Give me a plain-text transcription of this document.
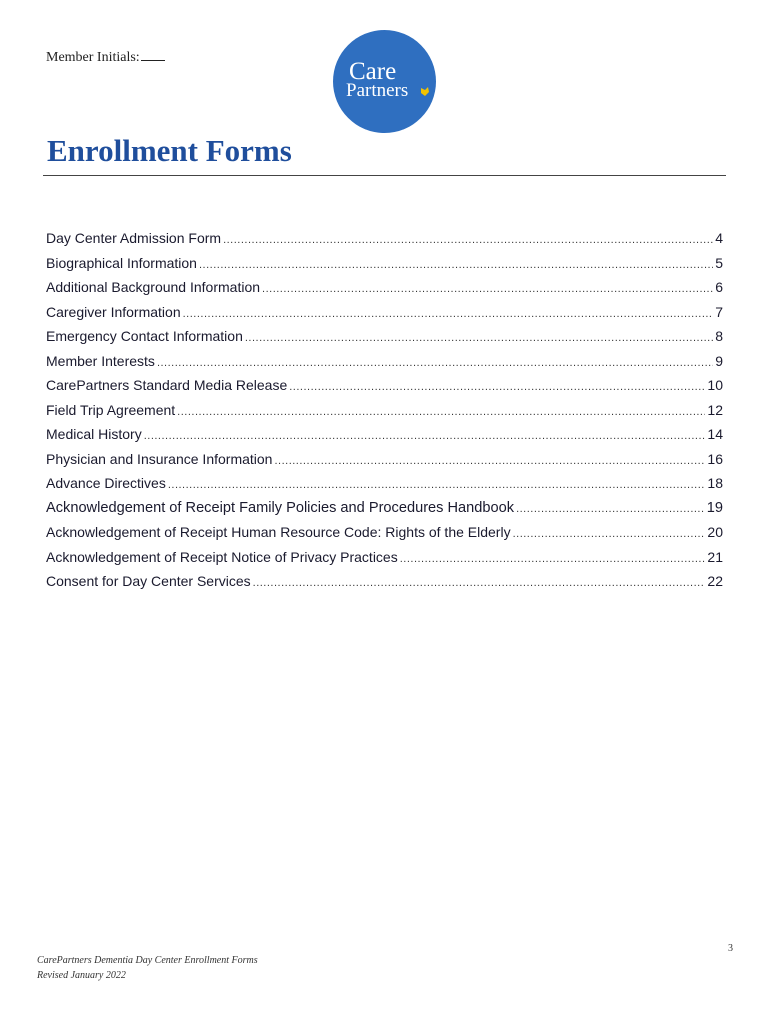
Member Initials:
Care
Partners
Enrollment Forms
Day Center Admission Form .....	4
Biographical Information .....	5
Additional Background Information .....	6
Caregiver Information .....	7
Emergency Contact Information .....	8
Member Interests .....	9
CarePartners Standard Media Release .....	10
Field Trip Agreement .....	12
Medical History .....	14
Physician and Insurance Information .....	16
Advance Directives .....	18
Acknowledgement of Receipt Family Policies and Procedures Handbook .....	19
Acknowledgement of Receipt Human Resource Code: Rights of the Elderly .....	20
Acknowledgement of Receipt Notice of Privacy Practices .....	21
Consent for Day Center Services .....	22
3
CarePartners Dementia Day Center Enrollment Forms
Revised January 2022
